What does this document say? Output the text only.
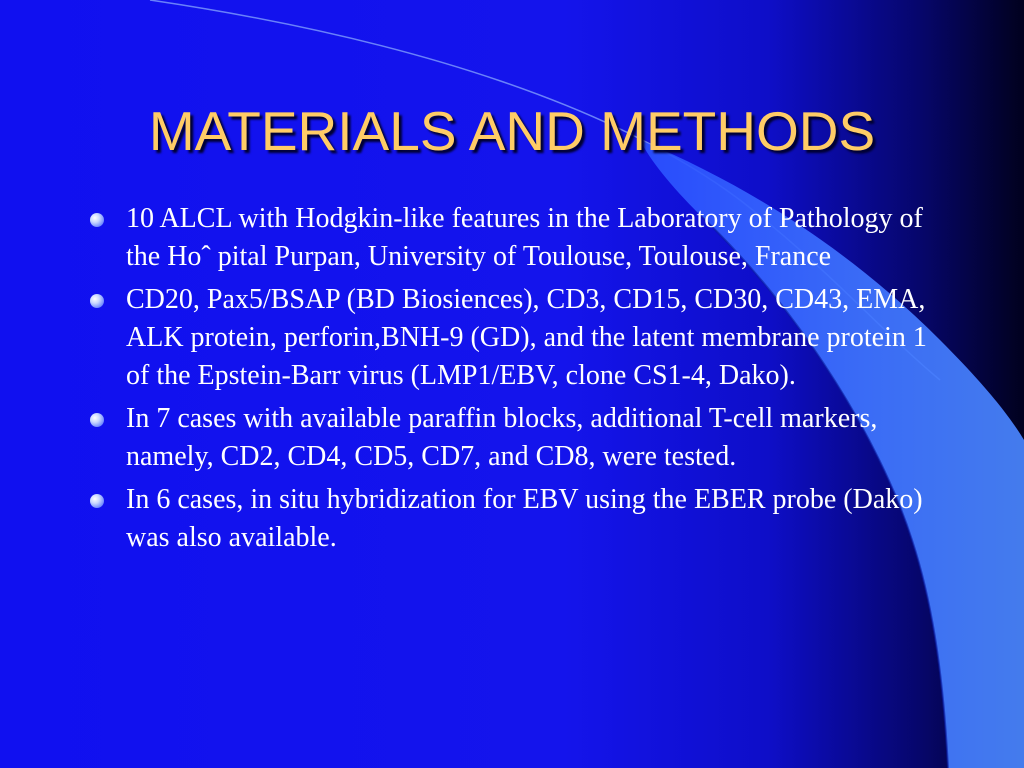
MATERIALS AND METHODS
10 ALCL with Hodgkin-like features in the Laboratory of Pathology of the Hoˆ pital Purpan, University of Toulouse, Toulouse, France
CD20, Pax5/BSAP (BD Biosiences), CD3, CD15, CD30, CD43, EMA, ALK protein, perforin,BNH-9 (GD), and the latent membrane protein 1 of the Epstein-Barr virus (LMP1/EBV, clone CS1-4, Dako).
In 7 cases with available paraffin blocks, additional T-cell markers, namely, CD2, CD4, CD5, CD7, and CD8, were tested.
In 6 cases, in situ hybridization for EBV using the EBER probe (Dako) was also available.
